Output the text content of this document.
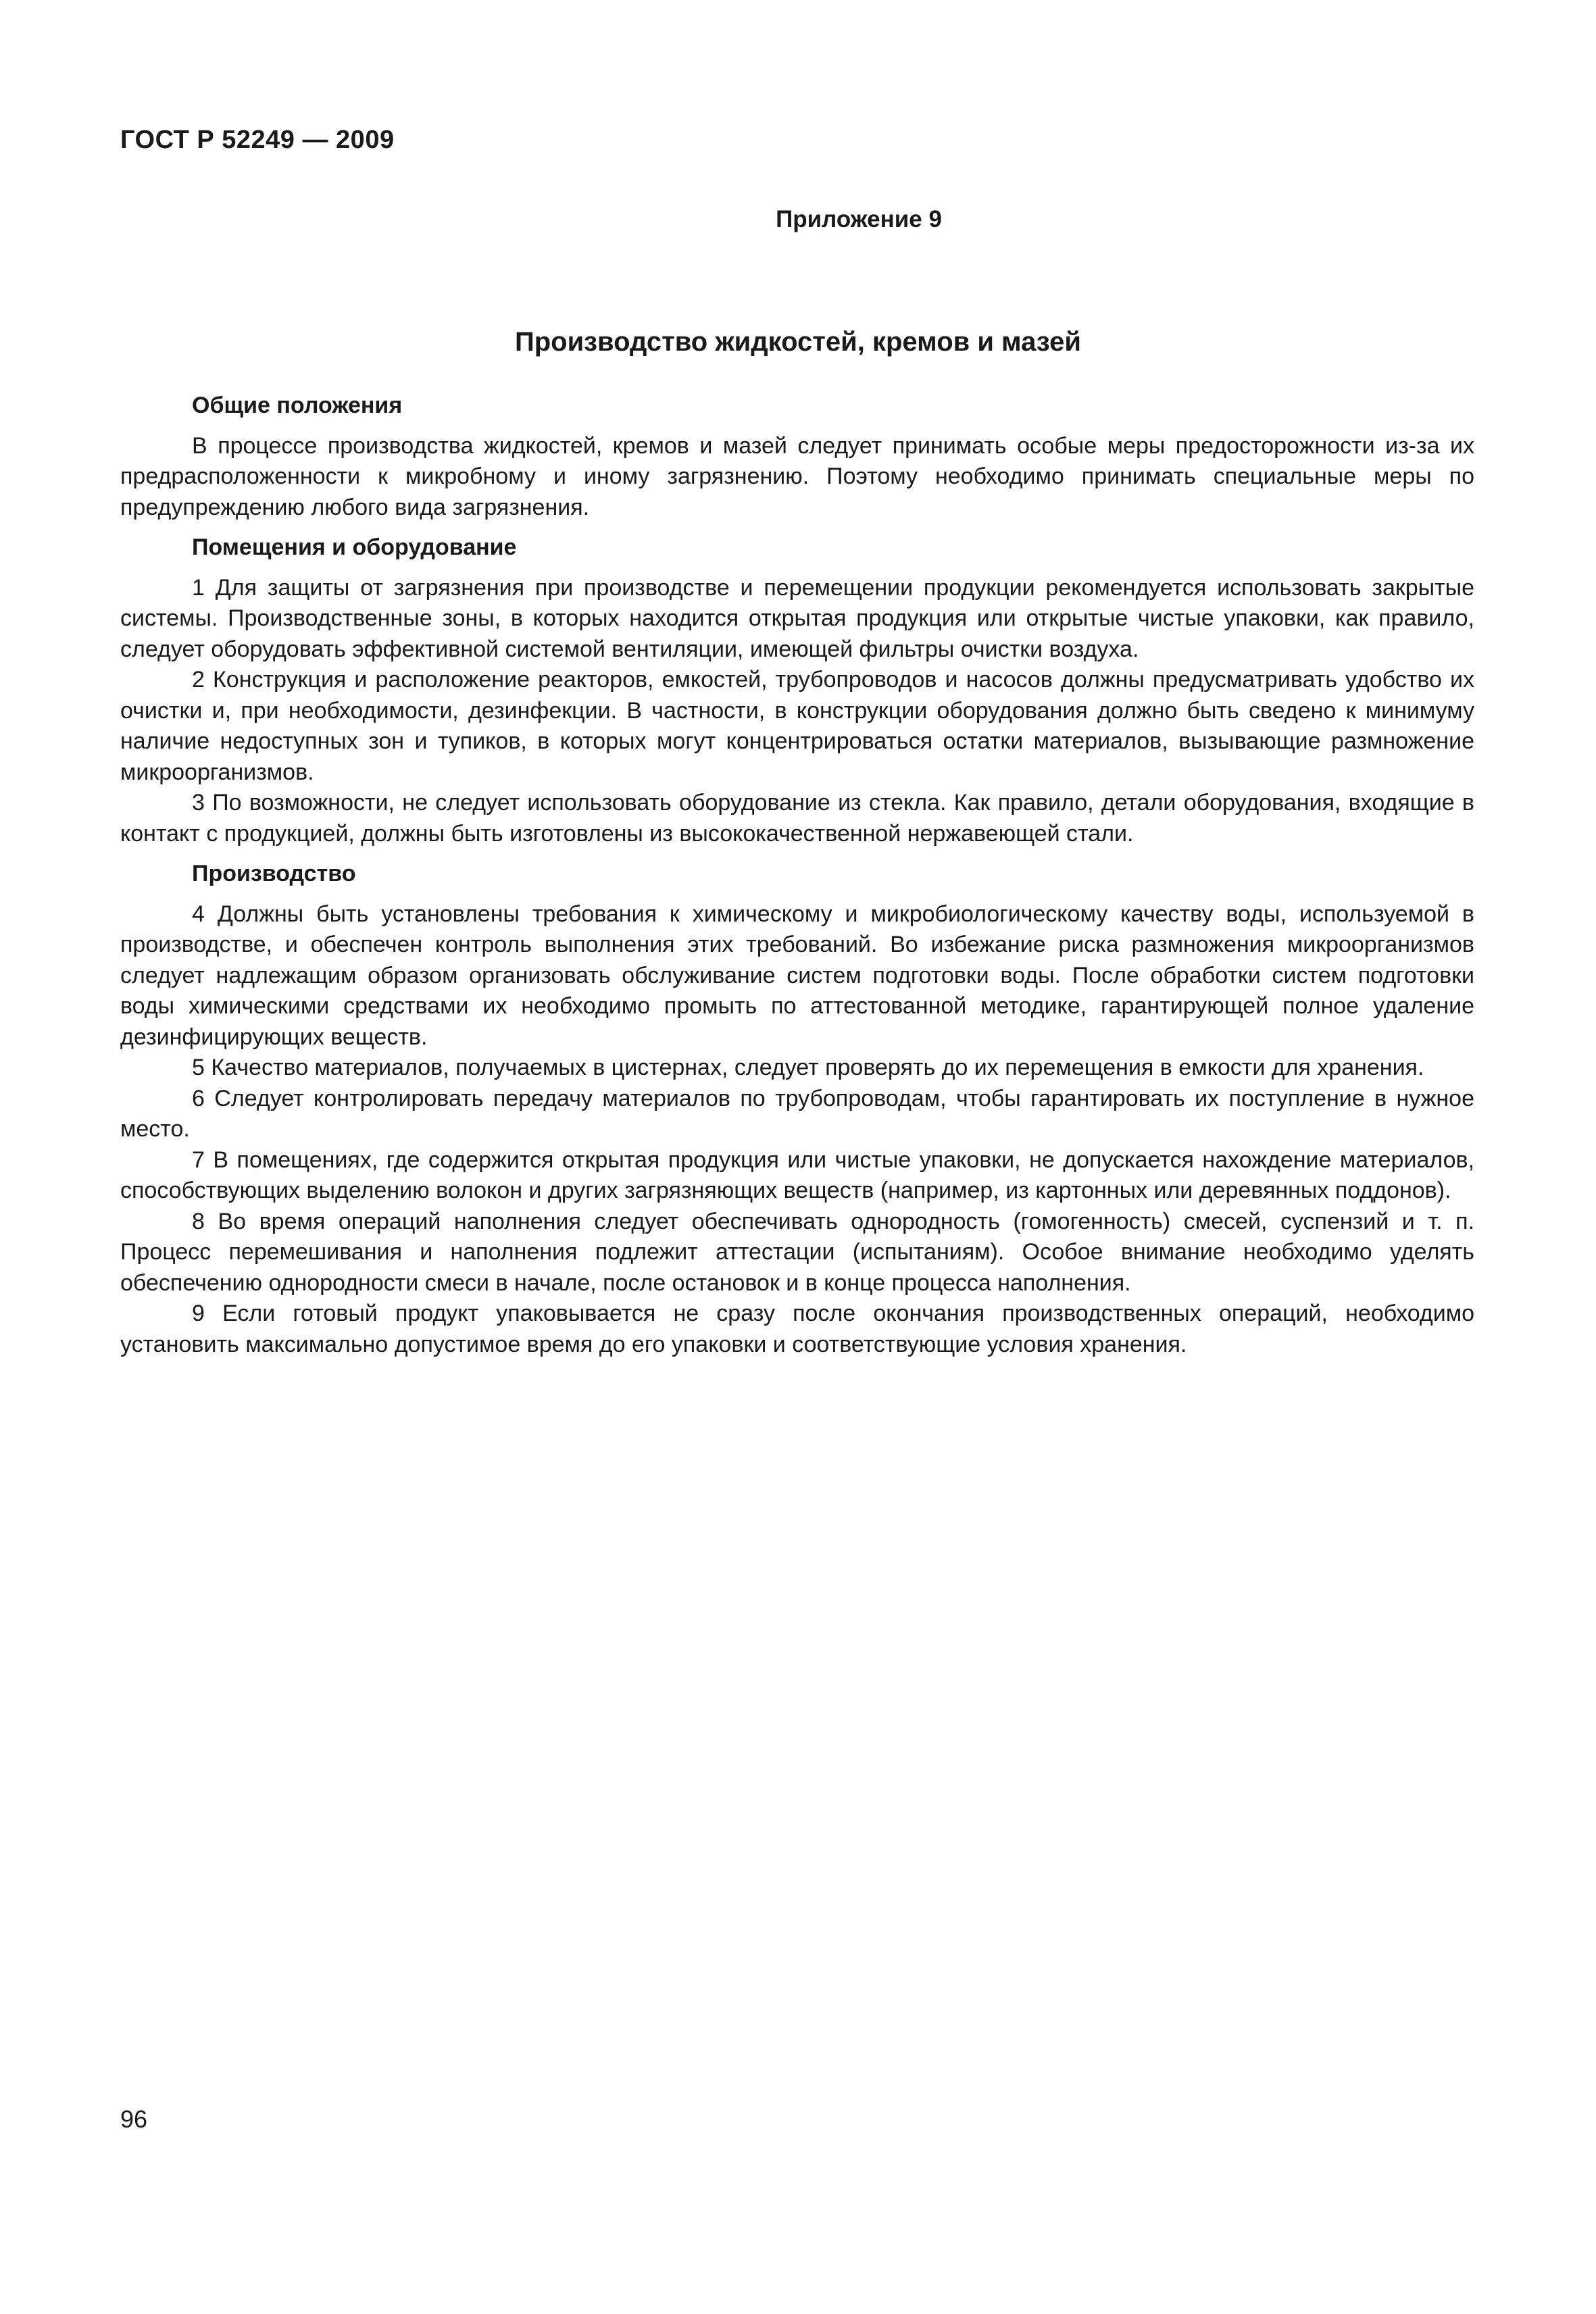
ГОСТ Р 52249 — 2009
Приложение 9
Производство жидкостей, кремов и мазей
Общие положения

В процессе производства жидкостей, кремов и мазей следует принимать особые меры предосторожности из-за их предрасположенности к микробному и иному загрязнению. Поэтому необходимо принимать специальные меры по предупреждению любого вида загрязнения.

Помещения и оборудование

1 Для защиты от загрязнения при производстве и перемещении продукции рекомендуется использовать закрытые системы. Производственные зоны, в которых находится открытая продукция или открытые чистые упаковки, как правило, следует оборудовать эффективной системой вентиляции, имеющей фильтры очистки воздуха.

2 Конструкция и расположение реакторов, емкостей, трубопроводов и насосов должны предусматривать удобство их очистки и, при необходимости, дезинфекции. В частности, в конструкции оборудования должно быть сведено к минимуму наличие недоступных зон и тупиков, в которых могут концентрироваться остатки материалов, вызывающие размножение микроорганизмов.

3 По возможности, не следует использовать оборудование из стекла. Как правило, детали оборудования, входящие в контакт с продукцией, должны быть изготовлены из высококачественной нержавеющей стали.

Производство

4 Должны быть установлены требования к химическому и микробиологическому качеству воды, используемой в производстве, и обеспечен контроль выполнения этих требований. Во избежание риска размножения микроорганизмов следует надлежащим образом организовать обслуживание систем подготовки воды. После обработки систем подготовки воды химическими средствами их необходимо промыть по аттестованной методике, гарантирующей полное удаление дезинфицирующих веществ.

5 Качество материалов, получаемых в цистернах, следует проверять до их перемещения в емкости для хранения.

6 Следует контролировать передачу материалов по трубопроводам, чтобы гарантировать их поступление в нужное место.

7 В помещениях, где содержится открытая продукция или чистые упаковки, не допускается нахождение материалов, способствующих выделению волокон и других загрязняющих веществ (например, из картонных или деревянных поддонов).

8 Во время операций наполнения следует обеспечивать однородность (гомогенность) смесей, суспензий и т. п. Процесс перемешивания и наполнения подлежит аттестации (испытаниям). Особое внимание необходимо уделять обеспечению однородности смеси в начале, после остановок и в конце процесса наполнения.

9 Если готовый продукт упаковывается не сразу после окончания производственных операций, необходимо установить максимально допустимое время до его упаковки и соответствующие условия хранения.

96
